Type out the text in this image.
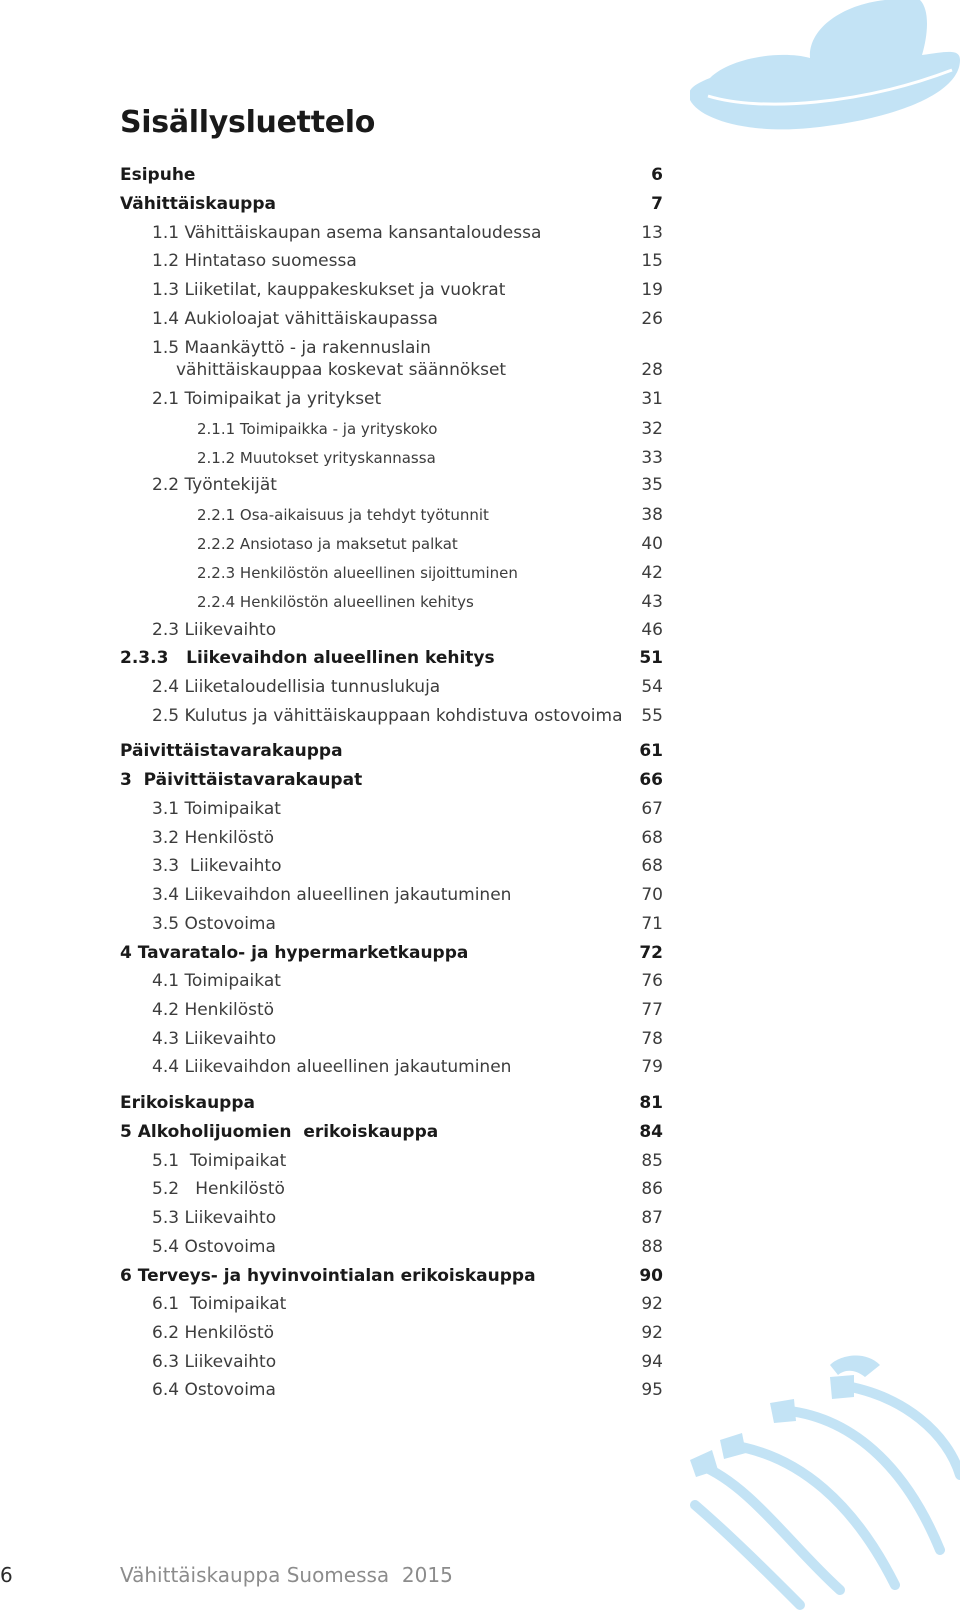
Sisällysluettelo
Esipuhe	6
Vähittäiskauppa	7
1.1 Vähittäiskaupan asema kansantaloudessa	13
1.2 Hintataso suomessa	15
1.3 Liiketilat, kauppakeskukset ja vuokrat	19
1.4 Aukioloajat vähittäiskaupassa	26
1.5 Maankäyttö - ja rakennuslain
vähittäiskauppaa koskevat säännökset	28
2.1 Toimipaikat ja yritykset	31
2.1.1 Toimipaikka - ja yrityskoko	32
2.1.2 Muutokset yrityskannassa	33
2.2 Työntekijät	35
2.2.1 Osa-aikaisuus ja tehdyt työtunnit	38
2.2.2 Ansiotaso ja maksetut palkat	40
2.2.3 Henkilöstön alueellinen sijoittuminen	42
2.2.4 Henkilöstön alueellinen kehitys	43
2.3 Liikevaihto	46
2.3.3   Liikevaihdon alueellinen kehitys	51
2.4 Liiketaloudellisia tunnuslukuja	54
2.5 Kulutus ja vähittäiskauppaan kohdistuva ostovoima 55
Päivittäistavarakauppa	61
3  Päivittäistavarakaupat	66
3.1 Toimipaikat	67
3.2 Henkilöstö	68
3.3  Liikevaihto	68
3.4 Liikevaihdon alueellinen jakautuminen	70
3.5 Ostovoima	71
4 Tavaratalo- ja hypermarketkauppa	72
4.1 Toimipaikat	76
4.2 Henkilöstö	77
4.3 Liikevaihto	78
4.4 Liikevaihdon alueellinen jakautuminen	79
Erikoiskauppa	81
5 Alkoholijuomien  erikoiskauppa	84
5.1  Toimipaikat	85
5.2   Henkilöstö	86
5.3 Liikevaihto	87
5.4 Ostovoima	88
6 Terveys- ja hyvinvointialan erikoiskauppa	90
6.1  Toimipaikat	92
6.2 Henkilöstö	92
6.3 Liikevaihto	94
6.4 Ostovoima	95
6	Vähittäiskauppa Suomessa  2015
